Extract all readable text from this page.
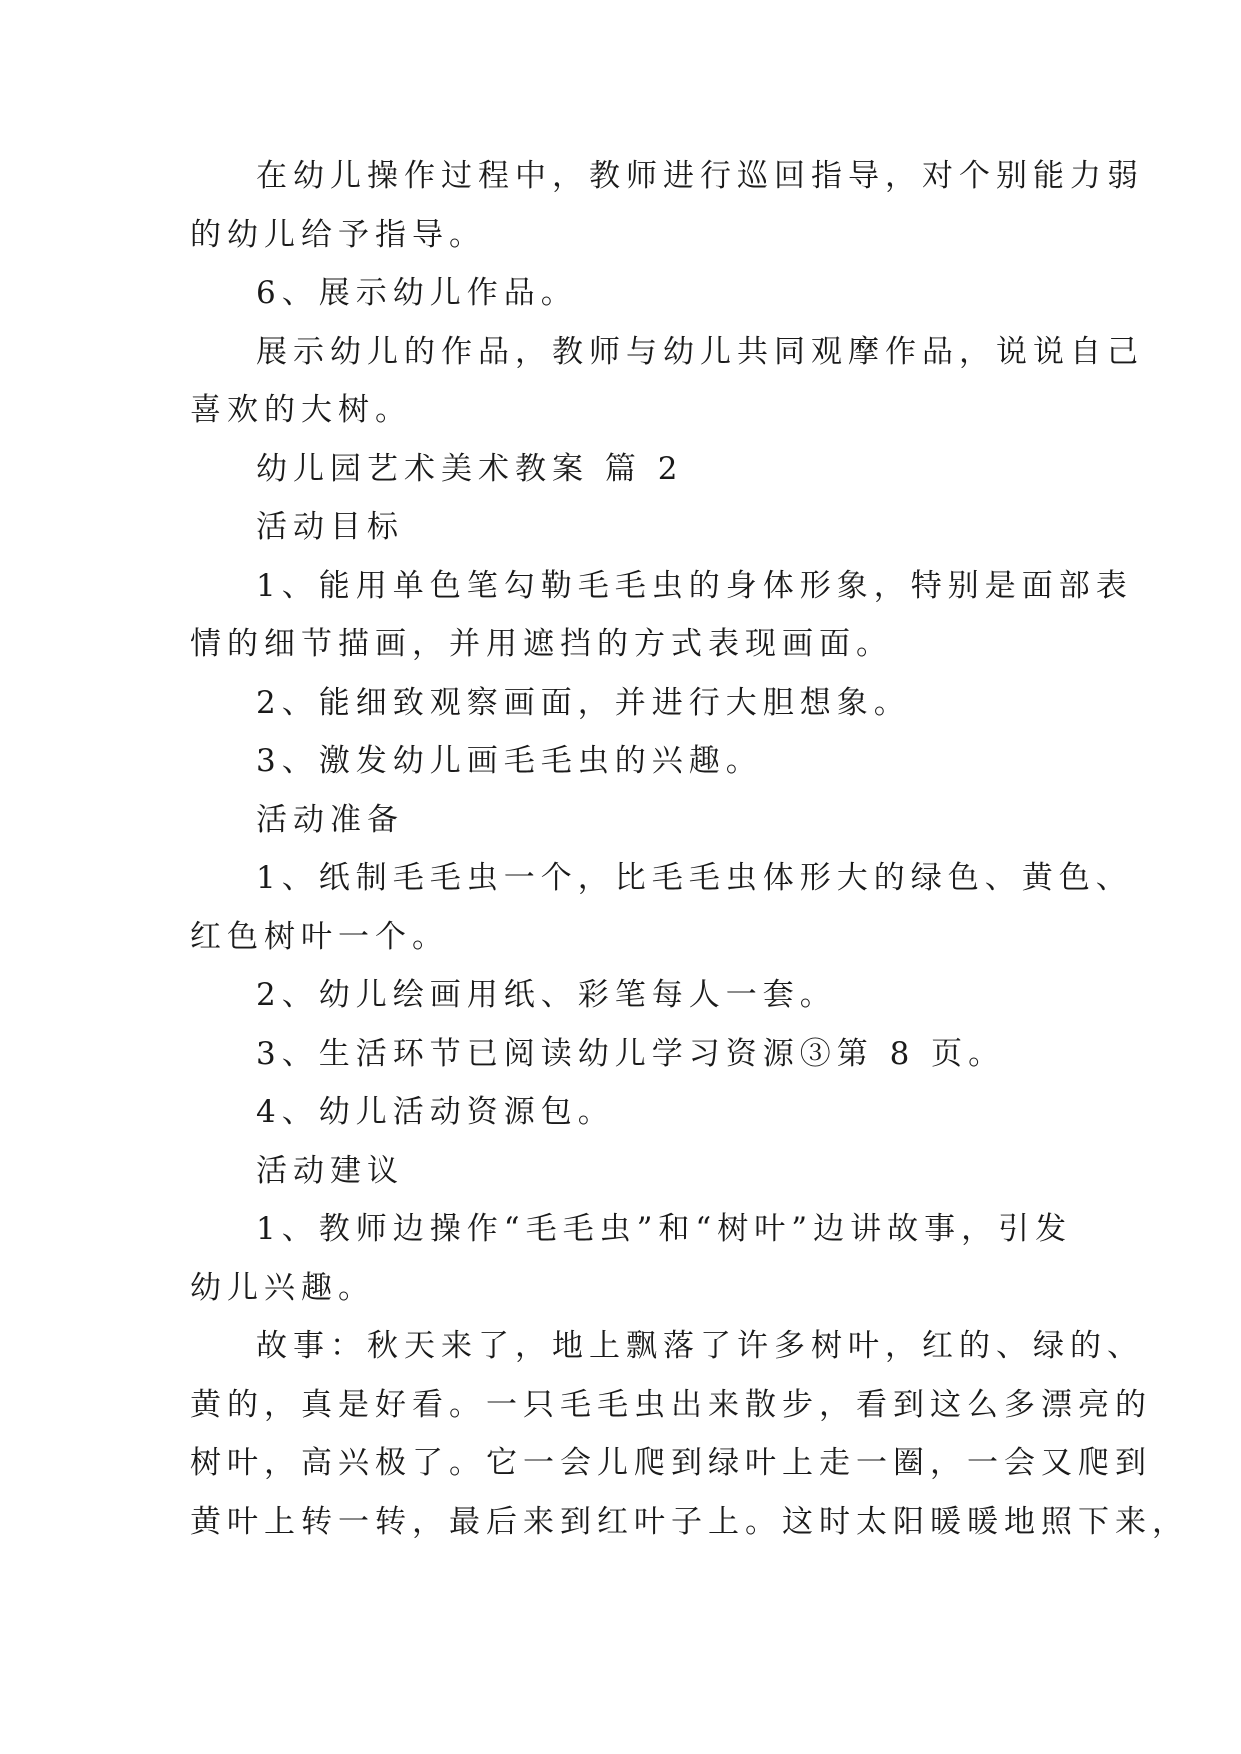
在幼儿操作过程中，教师进行巡回指导，对个别能力弱

的幼儿给予指导。

6、展示幼儿作品。

展示幼儿的作品，教师与幼儿共同观摩作品，说说自己

喜欢的大树。

幼儿园艺术美术教案 篇 2

活动目标

1、能用单色笔勾勒毛毛虫的身体形象，特别是面部表

情的细节描画，并用遮挡的方式表现画面。

2、能细致观察画面，并进行大胆想象。

3、激发幼儿画毛毛虫的兴趣。

活动准备

1、纸制毛毛虫一个，比毛毛虫体形大的绿色、黄色、

红色树叶一个。

2、幼儿绘画用纸、彩笔每人一套。

3、生活环节已阅读幼儿学习资源③第 8 页。

4、幼儿活动资源包。

活动建议

1、教师边操作“毛毛虫”和“树叶”边讲故事，引发

幼儿兴趣。

故事：秋天来了，地上飘落了许多树叶，红的、绿的、

黄的，真是好看。一只毛毛虫出来散步，看到这么多漂亮的

树叶，高兴极了。它一会儿爬到绿叶上走一圈，一会又爬到

黄叶上转一转，最后来到红叶子上。这时太阳暖暖地照下来，
